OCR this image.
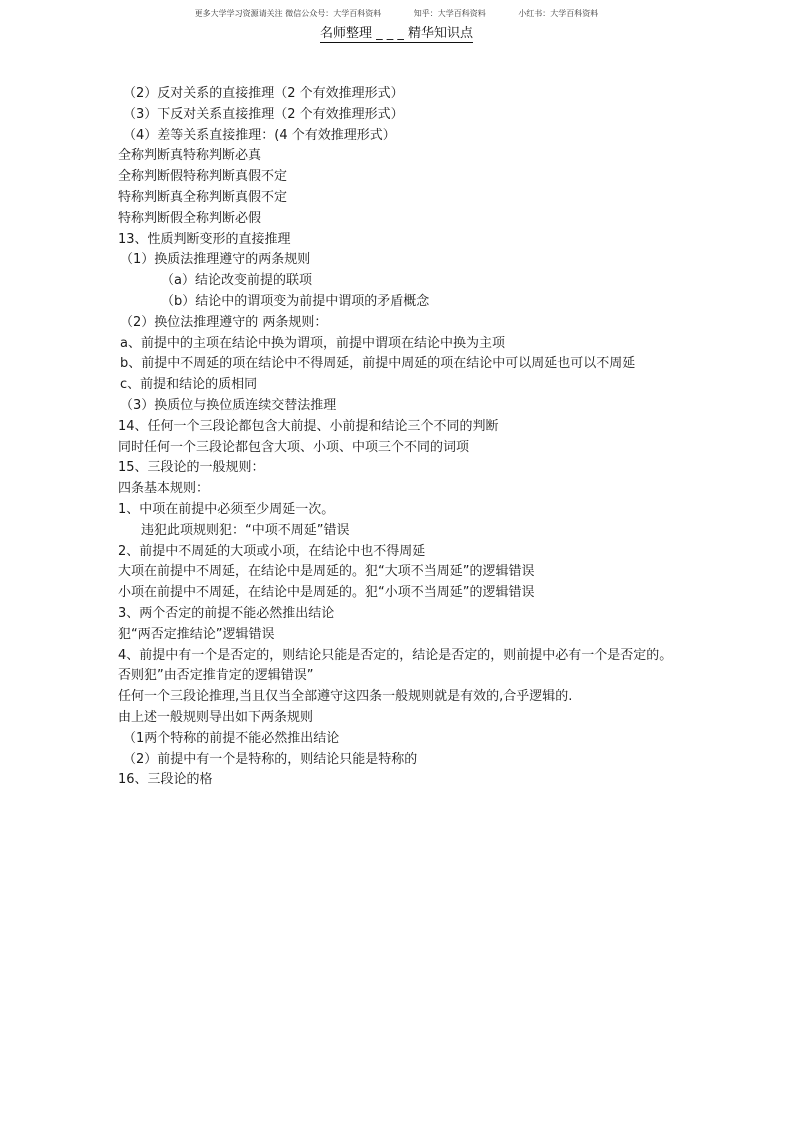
更多大学学习资源请关注 微信公众号：大学百科资料	知乎：大学百科资料	小红书：大学百科资料
名师整理 _ _ _ 精华知识点
（2）反对关系的直接推理（2 个有效推理形式）
（3）下反对关系直接推理（2 个有效推理形式）
（4）差等关系直接推理：(4 个有效推理形式）
全称判断真特称判断必真
全称判断假特称判断真假不定
特称判断真全称判断真假不定
特称判断假全称判断必假
13、性质判断变形的直接推理
（1）换质法推理遵守的两条规则
（a）结论改变前提的联项
（b）结论中的谓项变为前提中谓项的矛盾概念
（2）换位法推理遵守的 两条规则：
a、前提中的主项在结论中换为谓项，前提中谓项在结论中换为主项
b、前提中不周延的项在结论中不得周延，前提中周延的项在结论中可以周延也可以不周延
c、前提和结论的质相同
（3）换质位与换位质连续交替法推理
14、任何一个三段论都包含大前提、小前提和结论三个不同的判断
同时任何一个三段论都包含大项、小项、中项三个不同的词项
15、三段论的一般规则：
四条基本规则：
1、中项在前提中必须至少周延一次。
违犯此项规则犯：“中项不周延”错误
2、前提中不周延的大项或小项，在结论中也不得周延
大项在前提中不周延，在结论中是周延的。犯“大项不当周延”的逻辑错误
小项在前提中不周延，在结论中是周延的。犯“小项不当周延”的逻辑错误
3、两个否定的前提不能必然推出结论
犯“两否定推结论”逻辑错误
4、前提中有一个是否定的，则结论只能是否定的，结论是否定的，则前提中必有一个是否定的。
否则犯”由否定推肯定的逻辑错误”
任何一个三段论推理,当且仅当全部遵守这四条一般规则就是有效的,合乎逻辑的.
由上述一般规则导出如下两条规则
（1两个特称的前提不能必然推出结论
（2）前提中有一个是特称的，则结论只能是特称的
16、三段论的格
